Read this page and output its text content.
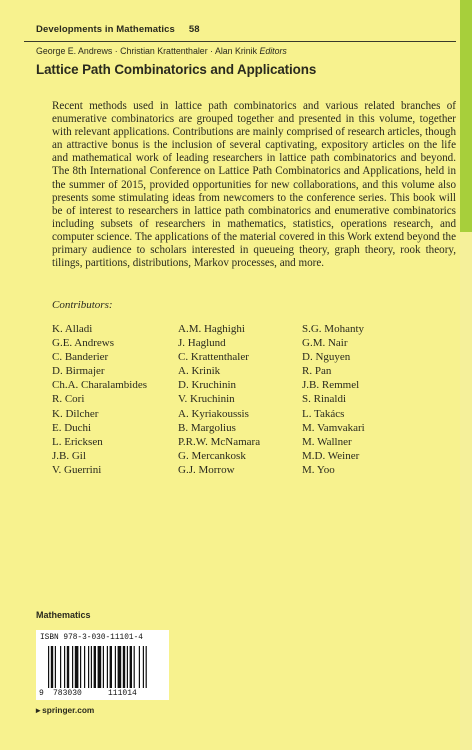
Developments in Mathematics 58
George E. Andrews · Christian Krattenthaler · Alan Krinik Editors
Lattice Path Combinatorics and Applications
Recent methods used in lattice path combinatorics and various related branches of enumerative combinatorics are grouped together and presented in this volume, together with relevant applications. Contributions are mainly comprised of research articles, though an attractive bonus is the inclusion of several captivating, expository articles on the life and mathematical work of leading researchers in lattice path combinatorics and beyond. The 8th International Conference on Lattice Path Combinatorics and Applications, held in the summer of 2015, provided opportunities for new collaborations, and this volume also presents some stimulating ideas from newcomers to the conference series. This book will be of interest to researchers in lattice path combinatorics and enumerative combinatorics including subsets of researchers in mathematics, statistics, operations research, and computer science. The applications of the material covered in this Work extend beyond the primary audience to scholars interested in queueing theory, graph theory, rook theory, tilings, partitions, distributions, Markov processes, and more.
Contributors:
K. Alladi
G.E. Andrews
C. Banderier
D. Birmajer
Ch.A. Charalambides
R. Cori
K. Dilcher
E. Duchi
L. Ericksen
J.B. Gil
V. Guerrini
A.M. Haghighi
J. Haglund
C. Krattenthaler
A. Krinik
D. Kruchinin
V. Kruchinin
A. Kyriakoussis
B. Margolius
P.R.W. McNamara
G. Mercankosk
G.J. Morrow
S.G. Mohanty
G.M. Nair
D. Nguyen
R. Pan
J.B. Remmel
S. Rinaldi
L. Takács
M. Vamvakari
M. Wallner
M.D. Weiner
M. Yoo
Mathematics
ISBN 978-3-030-11101-4
9 783030	111014
▸ springer.com
